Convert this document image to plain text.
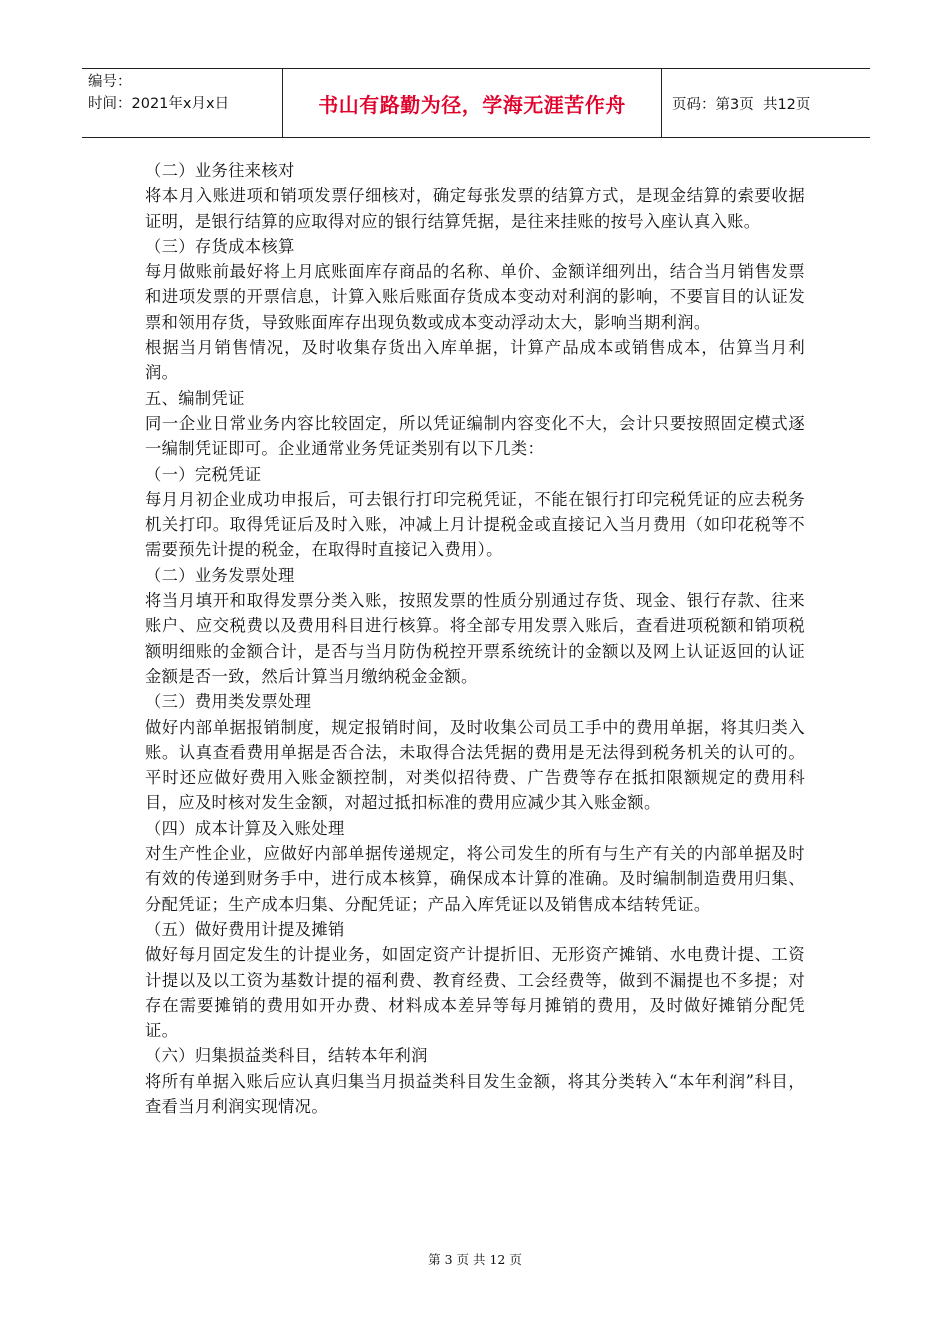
编号：
时间：2021年x月x日	书山有路勤为径，学海无涯苦作舟	页码：第3页  共12页

（二）业务往来核对

将本月入账进项和销项发票仔细核对，确定每张发票的结算方式，是现金结算的索要收据证明，是银行结算的应取得对应的银行结算凭据，是往来挂账的按号入座认真入账。

（三）存货成本核算

每月做账前最好将上月底账面库存商品的名称、单价、金额详细列出，结合当月销售发票和进项发票的开票信息，计算入账后账面存货成本变动对利润的影响，不要盲目的认证发票和领用存货，导致账面库存出现负数或成本变动浮动太大，影响当期利润。

根据当月销售情况，及时收集存货出入库单据，计算产品成本或销售成本，估算当月利润。

五、编制凭证

同一企业日常业务内容比较固定，所以凭证编制内容变化不大，会计只要按照固定模式逐一编制凭证即可。企业通常业务凭证类别有以下几类：

（一）完税凭证

每月月初企业成功申报后，可去银行打印完税凭证，不能在银行打印完税凭证的应去税务机关打印。取得凭证后及时入账，冲减上月计提税金或直接记入当月费用（如印花税等不需要预先计提的税金，在取得时直接记入费用）。

（二）业务发票处理

将当月填开和取得发票分类入账，按照发票的性质分别通过存货、现金、银行存款、往来账户、应交税费以及费用科目进行核算。将全部专用发票入账后，查看进项税额和销项税额明细账的金额合计，是否与当月防伪税控开票系统统计的金额以及网上认证返回的认证金额是否一致，然后计算当月缴纳税金金额。

（三）费用类发票处理

做好内部单据报销制度，规定报销时间，及时收集公司员工手中的费用单据，将其归类入账。认真查看费用单据是否合法，未取得合法凭据的费用是无法得到税务机关的认可的。平时还应做好费用入账金额控制，对类似招待费、广告费等存在抵扣限额规定的费用科目，应及时核对发生金额，对超过抵扣标准的费用应减少其入账金额。

（四）成本计算及入账处理

对生产性企业，应做好内部单据传递规定，将公司发生的所有与生产有关的内部单据及时有效的传递到财务手中，进行成本核算，确保成本计算的准确。及时编制制造费用归集、分配凭证；生产成本归集、分配凭证；产品入库凭证以及销售成本结转凭证。

（五）做好费用计提及摊销

做好每月固定发生的计提业务，如固定资产计提折旧、无形资产摊销、水电费计提、工资计提以及以工资为基数计提的福利费、教育经费、工会经费等，做到不漏提也不多提；对存在需要摊销的费用如开办费、材料成本差异等每月摊销的费用，及时做好摊销分配凭证。

（六）归集损益类科目，结转本年利润

将所有单据入账后应认真归集当月损益类科目发生金额，将其分类转入“本年利润”科目，查看当月利润实现情况。

第 3 页 共 12 页
